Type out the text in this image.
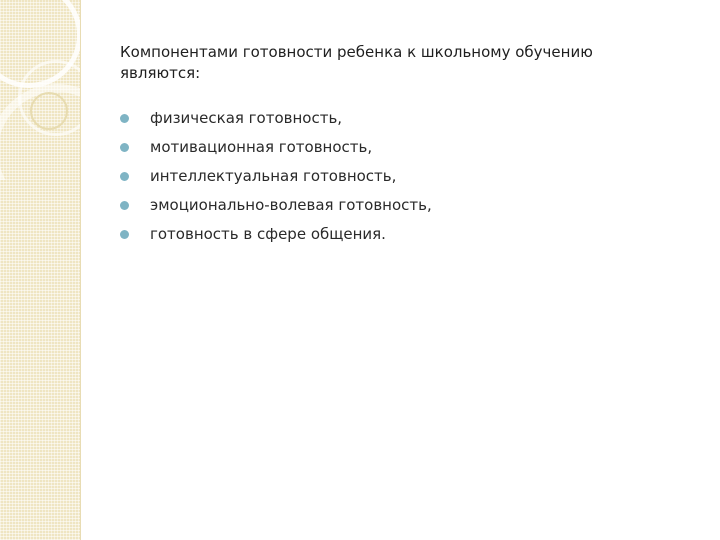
Компонентами готовности ребенка к школьному обучению
являются:
физическая готовность,
мотивационная готовность,
интеллектуальная готовность,
эмоционально-волевая готовность,
готовность в сфере общения.
